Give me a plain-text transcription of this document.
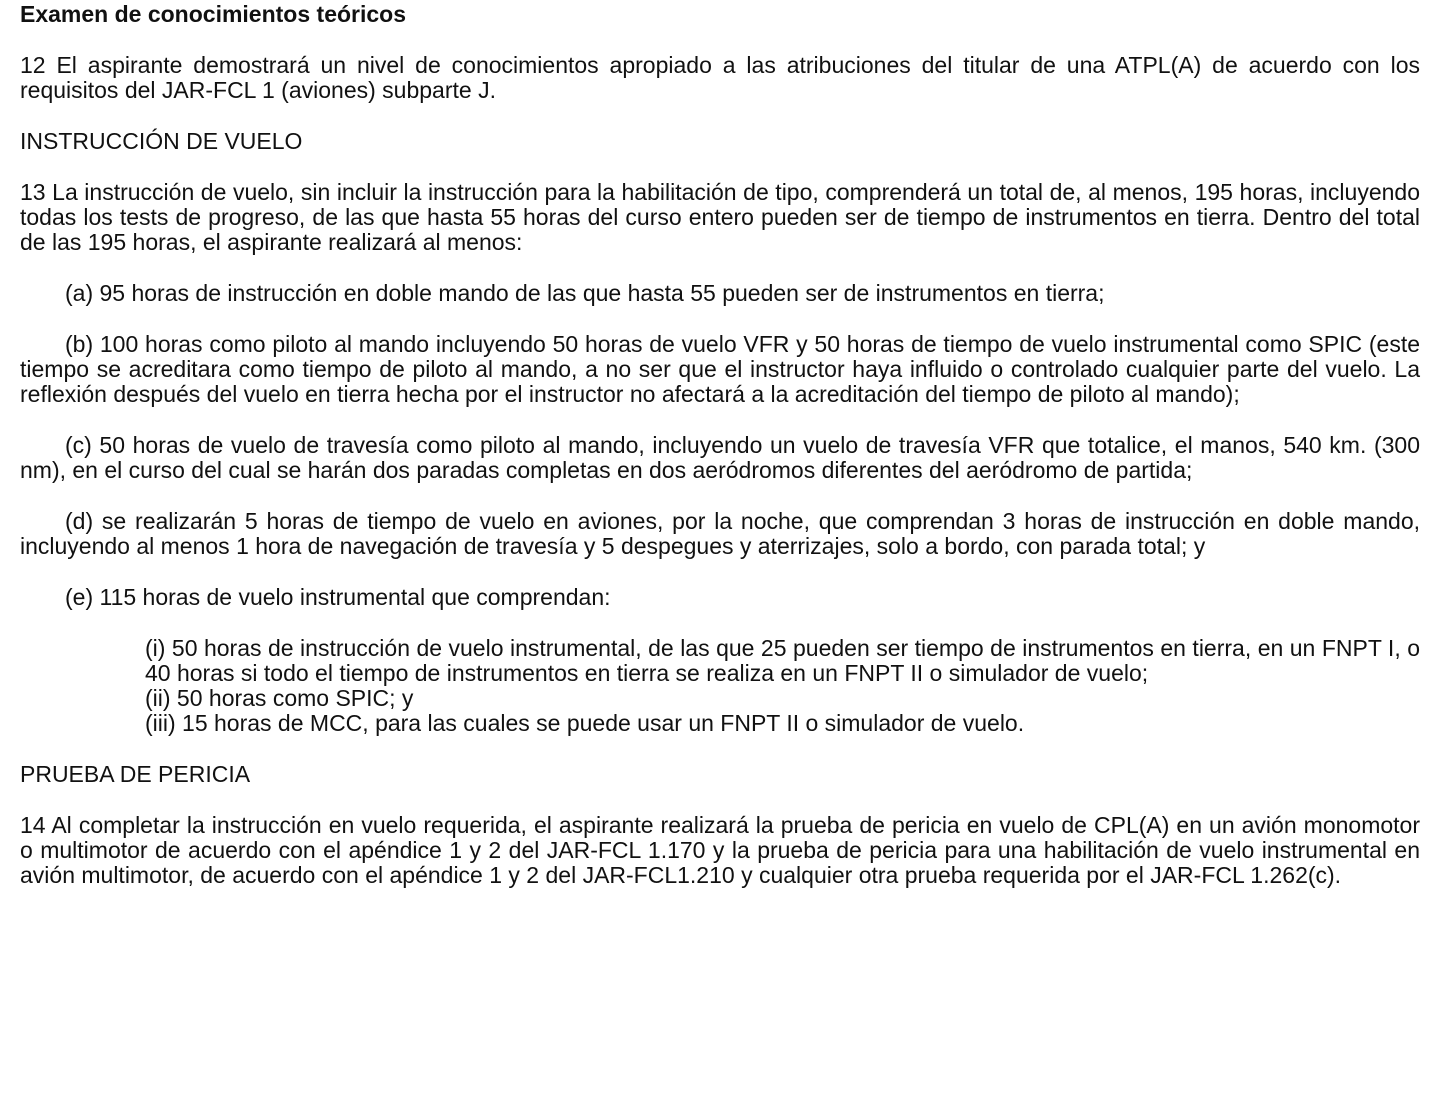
Examen de conocimientos teóricos
12 El aspirante demostrará un nivel de conocimientos apropiado a las atribuciones del titular de una ATPL(A) de acuerdo con los requisitos del JAR-FCL 1 (aviones) subparte J.
INSTRUCCIÓN DE VUELO
13 La instrucción de vuelo, sin incluir la instrucción para la habilitación de tipo, comprenderá un total de, al menos, 195 horas, incluyendo todas los tests de progreso, de las que hasta 55 horas del curso entero pueden ser de tiempo de instrumentos en tierra. Dentro del total de las 195 horas, el aspirante realizará al menos:
(a) 95 horas de instrucción en doble mando de las que hasta 55 pueden ser de instrumentos en tierra;
(b) 100 horas como piloto al mando incluyendo 50 horas de vuelo VFR y 50 horas de tiempo de vuelo instrumental como SPIC (este tiempo se acreditara como tiempo de piloto al mando, a no ser que el instructor haya influido o controlado cualquier parte del vuelo. La reflexión después del vuelo en tierra hecha por el instructor no afectará a la acreditación del tiempo de piloto al mando);
(c) 50 horas de vuelo de travesía como piloto al mando, incluyendo un vuelo de travesía VFR que totalice, el manos, 540 km. (300 nm), en el curso del cual se harán dos paradas completas en dos aeródromos diferentes del aeródromo de partida;
(d) se realizarán 5 horas de tiempo de vuelo en aviones, por la noche, que comprendan 3 horas de instrucción en doble mando, incluyendo al menos 1 hora de navegación de travesía y 5 despegues y aterrizajes, solo a bordo, con parada total; y
(e) 115 horas de vuelo instrumental que comprendan:
(i) 50 horas de instrucción de vuelo instrumental, de las que 25 pueden ser tiempo de instrumentos en tierra, en un FNPT I, o 40 horas si todo el tiempo de instrumentos en tierra se realiza en un FNPT II o simulador de vuelo;
(ii) 50 horas como SPIC; y
(iii) 15 horas de MCC, para las cuales se puede usar un FNPT II o simulador de vuelo.
PRUEBA DE PERICIA
14 Al completar la instrucción en vuelo requerida, el aspirante realizará la prueba de pericia en vuelo de CPL(A) en un avión monomotor o multimotor de acuerdo con el apéndice 1 y 2 del JAR-FCL 1.170 y la prueba de pericia para una habilitación de vuelo instrumental en avión multimotor, de acuerdo con el apéndice 1 y 2 del JAR-FCL1.210 y cualquier otra prueba requerida por el JAR-FCL 1.262(c).
